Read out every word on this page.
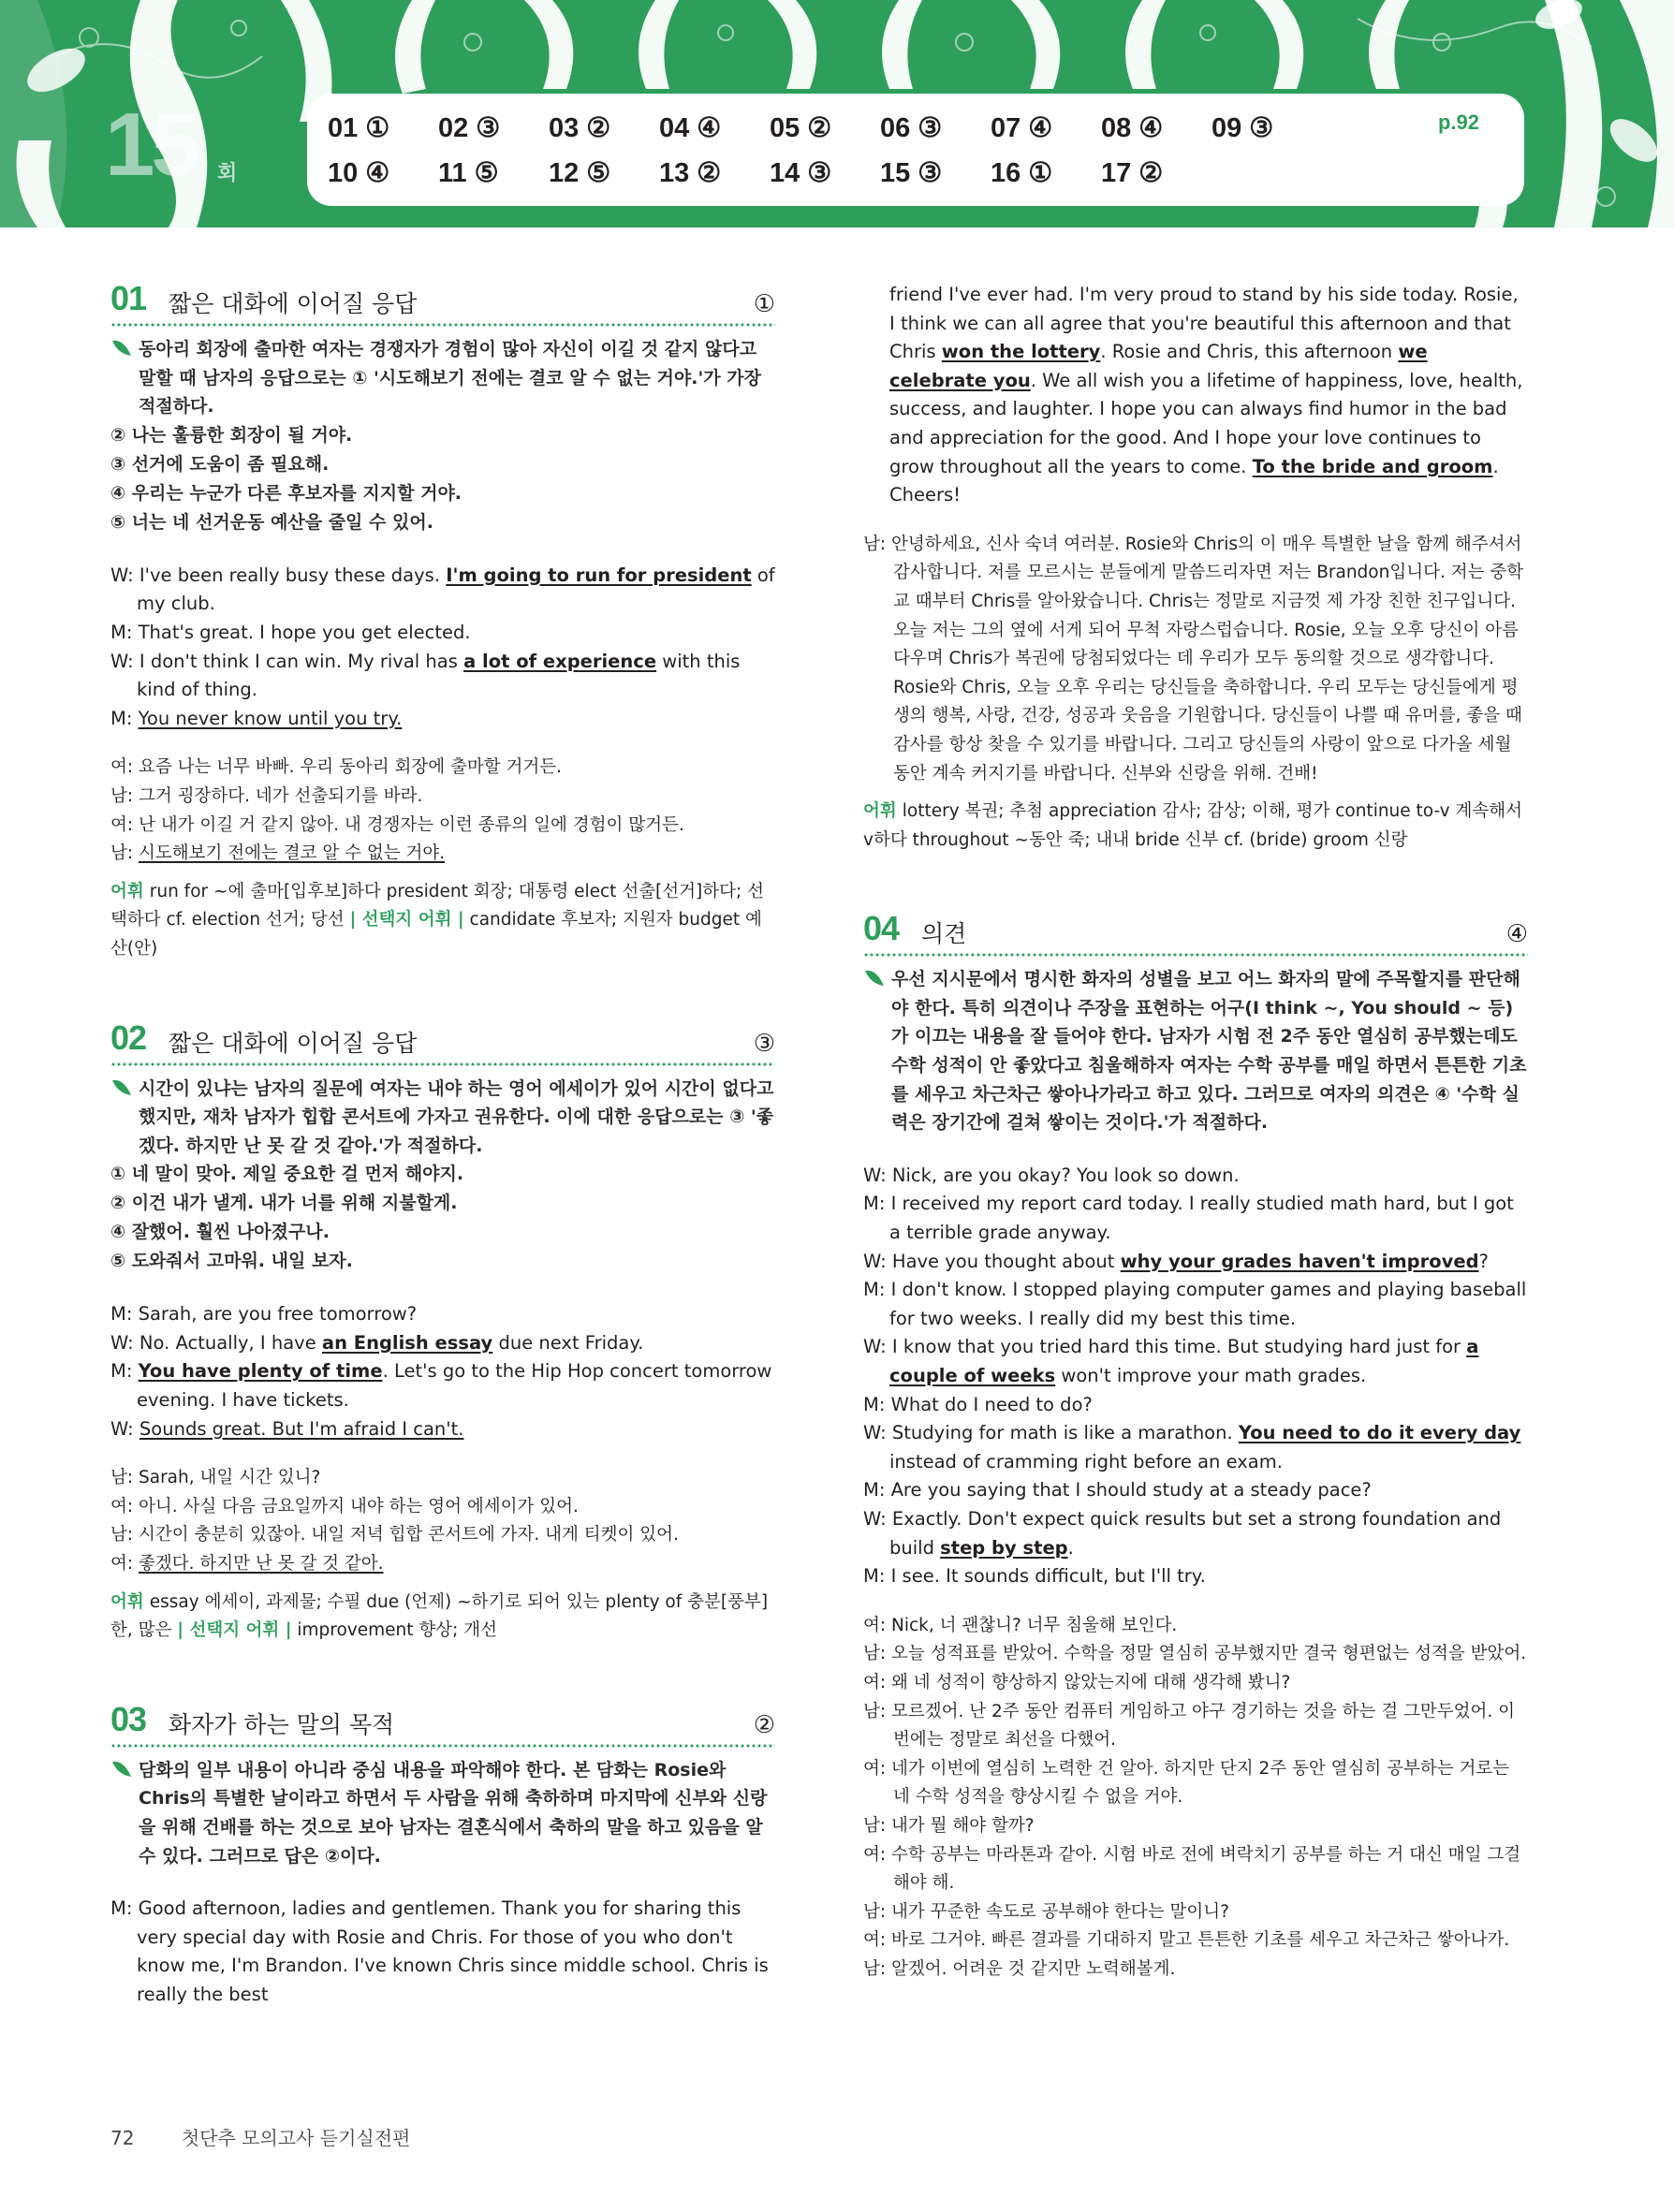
15 회
01 ①	02 ③	03 ②	04 ④	05 ②	06 ③	07 ④	08 ④	09 ③
10 ④	11 ⑤	12 ⑤	13 ②	14 ③	15 ③	16 ①	17 ②
p.92
01 짧은 대화에 이어질 응답	①
동아리 회장에 출마한 여자는 경쟁자가 경험이 많아 자신이 이길 것 같지 않다고 말할 때 남자의 응답으로는 ① '시도해보기 전에는 결코 알 수 없는 거야.'가 가장 적절하다.
② 나는 훌륭한 회장이 될 거야.
③ 선거에 도움이 좀 필요해.
④ 우리는 누군가 다른 후보자를 지지할 거야.
⑤ 너는 네 선거운동 예산을 줄일 수 있어.
W: I've been really busy these days. I'm going to run for president of my club.
M: That's great. I hope you get elected.
W: I don't think I can win. My rival has a lot of experience with this kind of thing.
M: You never know until you try.
여: 요즘 나는 너무 바빠. 우리 동아리 회장에 출마할 거거든.
남: 그거 굉장하다. 네가 선출되기를 바라.
여: 난 내가 이길 거 같지 않아. 내 경쟁자는 이런 종류의 일에 경험이 많거든.
남: 시도해보기 전에는 결코 알 수 없는 거야.
어휘 run for ~에 출마[입후보]하다 president 회장; 대통령 elect 선출[선거]하다; 선택하다 cf. election 선거; 당선 | 선택지 어휘 | candidate 후보자; 지원자 budget 예산(안)
02 짧은 대화에 이어질 응답	③
시간이 있냐는 남자의 질문에 여자는 내야 하는 영어 에세이가 있어 시간이 없다고 했지만, 재차 남자가 힙합 콘서트에 가자고 권유한다. 이에 대한 응답으로는 ③ '좋겠다. 하지만 난 못 갈 것 같아.'가 적절하다.
① 네 말이 맞아. 제일 중요한 걸 먼저 해야지.
② 이건 내가 낼게. 내가 너를 위해 지불할게.
④ 잘했어. 훨씬 나아졌구나.
⑤ 도와줘서 고마워. 내일 보자.
M: Sarah, are you free tomorrow?
W: No. Actually, I have an English essay due next Friday.
M: You have plenty of time. Let's go to the Hip Hop concert tomorrow evening. I have tickets.
W: Sounds great. But I'm afraid I can't.
남: Sarah, 내일 시간 있니?
여: 아니. 사실 다음 금요일까지 내야 하는 영어 에세이가 있어.
남: 시간이 충분히 있잖아. 내일 저녁 힙합 콘서트에 가자. 내게 티켓이 있어.
여: 좋겠다. 하지만 난 못 갈 것 같아.
어휘 essay 에세이, 과제물; 수필 due (언제) ~하기로 되어 있는 plenty of 충분[풍부]한, 많은 | 선택지 어휘 | improvement 향상; 개선
03 화자가 하는 말의 목적	②
담화의 일부 내용이 아니라 중심 내용을 파악해야 한다. 본 담화는 Rosie와 Chris의 특별한 날이라고 하면서 두 사람을 위해 축하하며 마지막에 신부와 신랑을 위해 건배를 하는 것으로 보아 남자는 결혼식에서 축하의 말을 하고 있음을 알 수 있다. 그러므로 답은 ②이다.
M: Good afternoon, ladies and gentlemen. Thank you for sharing this very special day with Rosie and Chris. For those of you who don't know me, I'm Brandon. I've known Chris since middle school. Chris is really the best
friend I've ever had. I'm very proud to stand by his side today. Rosie, I think we can all agree that you're beautiful this afternoon and that Chris won the lottery. Rosie and Chris, this afternoon we celebrate you. We all wish you a lifetime of happiness, love, health, success, and laughter. I hope you can always find humor in the bad and appreciation for the good. And I hope your love continues to grow throughout all the years to come. To the bride and groom. Cheers!
남: 안녕하세요, 신사 숙녀 여러분. Rosie와 Chris의 이 매우 특별한 날을 함께 해주셔서 감사합니다. 저를 모르시는 분들에게 말씀드리자면 저는 Brandon입니다. 저는 중학교 때부터 Chris를 알아왔습니다. Chris는 정말로 지금껏 제 가장 친한 친구입니다. 오늘 저는 그의 옆에 서게 되어 무척 자랑스럽습니다. Rosie, 오늘 오후 당신이 아름다우며 Chris가 복권에 당첨되었다는 데 우리가 모두 동의할 것으로 생각합니다. Rosie와 Chris, 오늘 오후 우리는 당신들을 축하합니다. 우리 모두는 당신들에게 평생의 행복, 사랑, 건강, 성공과 웃음을 기원합니다. 당신들이 나쁠 때 유머를, 좋을 때 감사를 항상 찾을 수 있기를 바랍니다. 그리고 당신들의 사랑이 앞으로 다가올 세월 동안 계속 커지기를 바랍니다. 신부와 신랑을 위해. 건배!
어휘 lottery 복권; 추첨 appreciation 감사; 감상; 이해, 평가 continue to-v 계속해서 v하다 throughout ~동안 죽; 내내 bride 신부 cf. (bride) groom 신랑
04 의견	④
우선 지시문에서 명시한 화자의 성별을 보고 어느 화자의 말에 주목할지를 판단해야 한다. 특히 의견이나 주장을 표현하는 어구(I think ~, You should ~ 등)가 이끄는 내용을 잘 들어야 한다. 남자가 시험 전 2주 동안 열심히 공부했는데도 수학 성적이 안 좋았다고 침울해하자 여자는 수학 공부를 매일 하면서 튼튼한 기초를 세우고 차근차근 쌓아나가라고 하고 있다. 그러므로 여자의 의견은 ④ '수학 실력은 장기간에 걸쳐 쌓이는 것이다.'가 적절하다.
W: Nick, are you okay? You look so down.
M: I received my report card today. I really studied math hard, but I got a terrible grade anyway.
W: Have you thought about why your grades haven't improved?
M: I don't know. I stopped playing computer games and playing baseball for two weeks. I really did my best this time.
W: I know that you tried hard this time. But studying hard just for a couple of weeks won't improve your math grades.
M: What do I need to do?
W: Studying for math is like a marathon. You need to do it every day instead of cramming right before an exam.
M: Are you saying that I should study at a steady pace?
W: Exactly. Don't expect quick results but set a strong foundation and build step by step.
M: I see. It sounds difficult, but I'll try.
여: Nick, 너 괜찮니? 너무 침울해 보인다.
남: 오늘 성적표를 받았어. 수학을 정말 열심히 공부했지만 결국 형편없는 성적을 받았어.
여: 왜 네 성적이 향상하지 않았는지에 대해 생각해 봤니?
남: 모르겠어. 난 2주 동안 컴퓨터 게임하고 야구 경기하는 것을 하는 걸 그만두었어. 이번에는 정말로 최선을 다했어.
여: 네가 이번에 열심히 노력한 건 알아. 하지만 단지 2주 동안 열심히 공부하는 거로는 네 수학 성적을 향상시킬 수 없을 거야.
남: 내가 뭘 해야 할까?
여: 수학 공부는 마라톤과 같아. 시험 바로 전에 벼락치기 공부를 하는 거 대신 매일 그걸 해야 해.
남: 내가 꾸준한 속도로 공부해야 한다는 말이니?
여: 바로 그거야. 빠른 결과를 기대하지 말고 튼튼한 기초를 세우고 차근차근 쌓아나가.
남: 알겠어. 어려운 것 같지만 노력해볼게.
72	첫단추 모의고사 듣기실전편
